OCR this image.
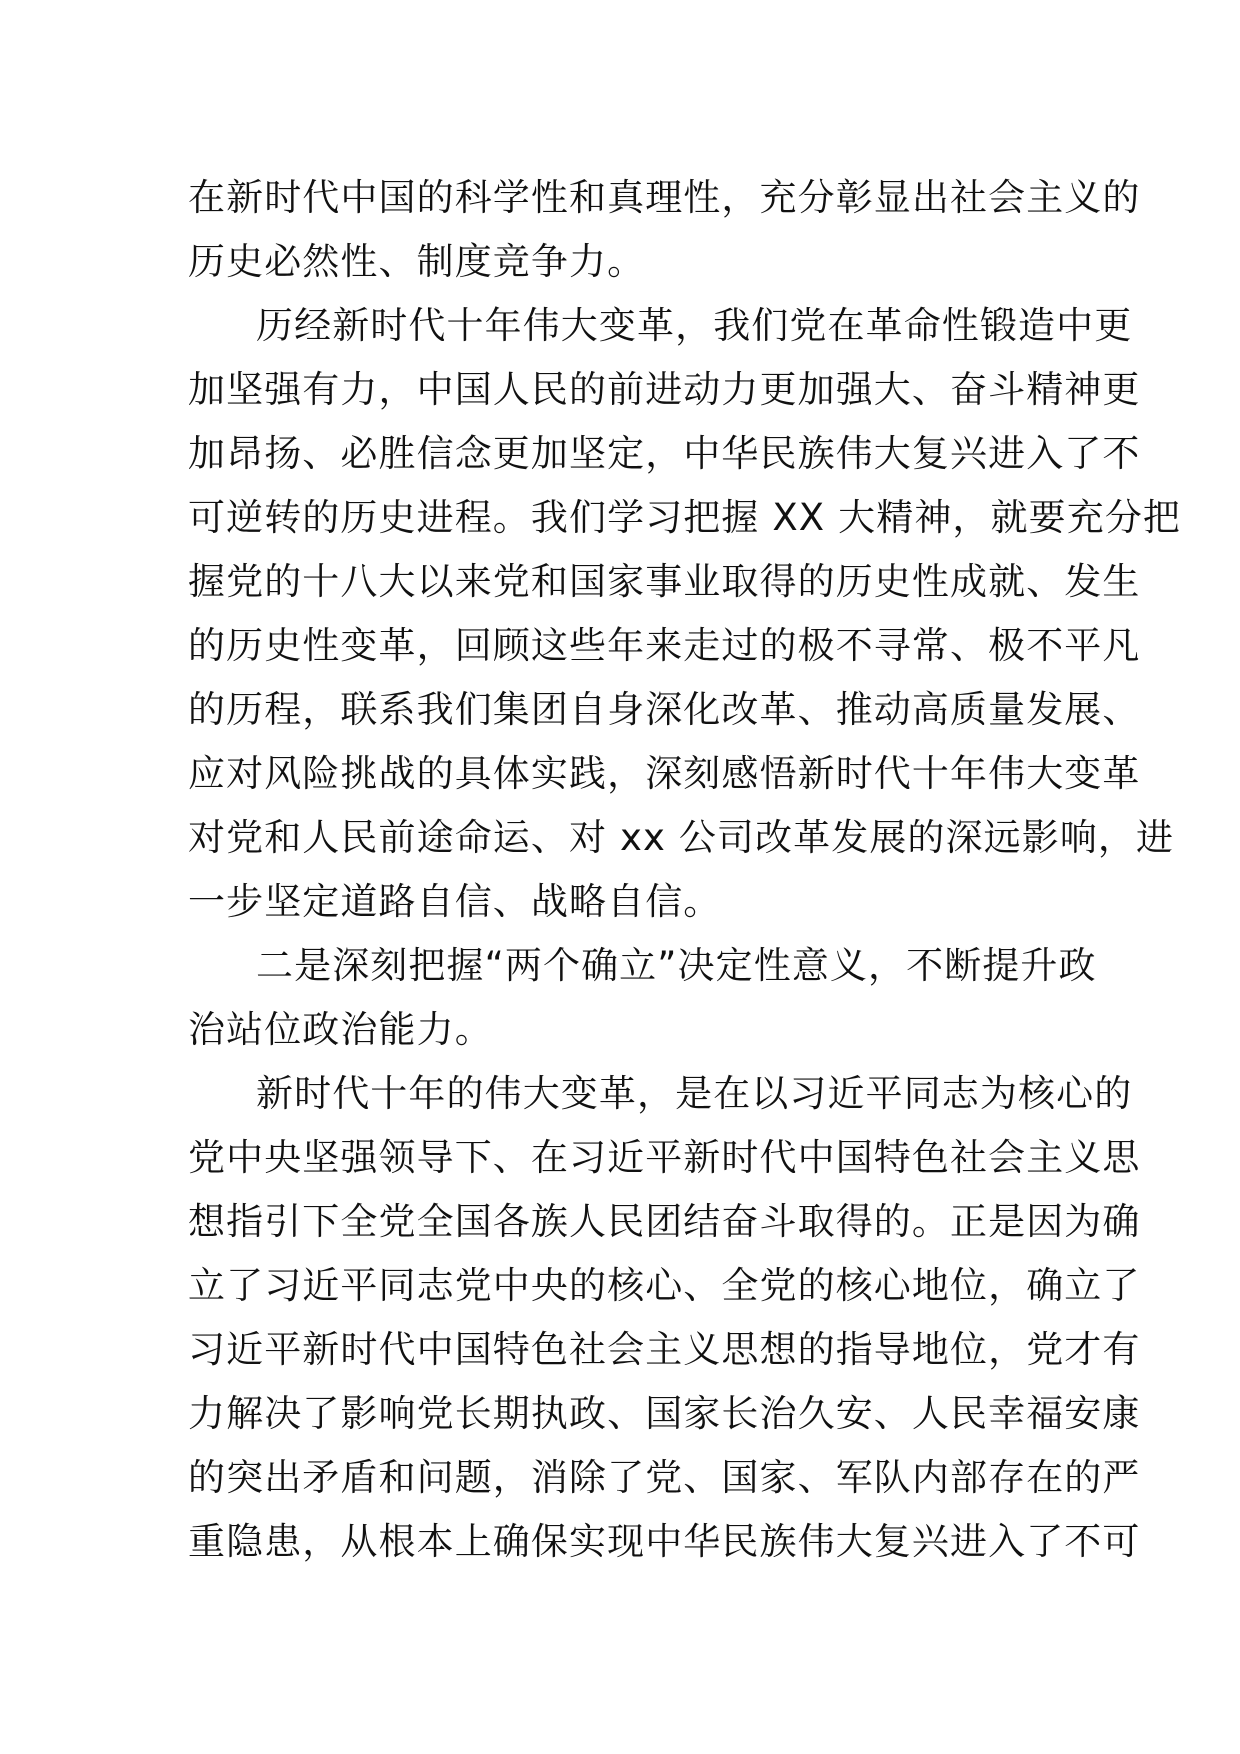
在新时代中国的科学性和真理性，充分彰显出社会主义的
历史必然性、制度竞争力。
历经新时代十年伟大变革，我们党在革命性锻造中更
加坚强有力，中国人民的前进动力更加强大、奋斗精神更
加昂扬、必胜信念更加坚定，中华民族伟大复兴进入了不
可逆转的历史进程。我们学习把握 XX 大精神，就要充分把
握党的十八大以来党和国家事业取得的历史性成就、发生
的历史性变革，回顾这些年来走过的极不寻常、极不平凡
的历程，联系我们集团自身深化改革、推动高质量发展、
应对风险挑战的具体实践，深刻感悟新时代十年伟大变革
对党和人民前途命运、对 xx 公司改革发展的深远影响，进
一步坚定道路自信、战略自信。
二是深刻把握“两个确立”决定性意义，不断提升政
治站位政治能力。
新时代十年的伟大变革，是在以习近平同志为核心的
党中央坚强领导下、在习近平新时代中国特色社会主义思
想指引下全党全国各族人民团结奋斗取得的。正是因为确
立了习近平同志党中央的核心、全党的核心地位，确立了
习近平新时代中国特色社会主义思想的指导地位，党才有
力解决了影响党长期执政、国家长治久安、人民幸福安康
的突出矛盾和问题，消除了党、国家、军队内部存在的严
重隐患，从根本上确保实现中华民族伟大复兴进入了不可
